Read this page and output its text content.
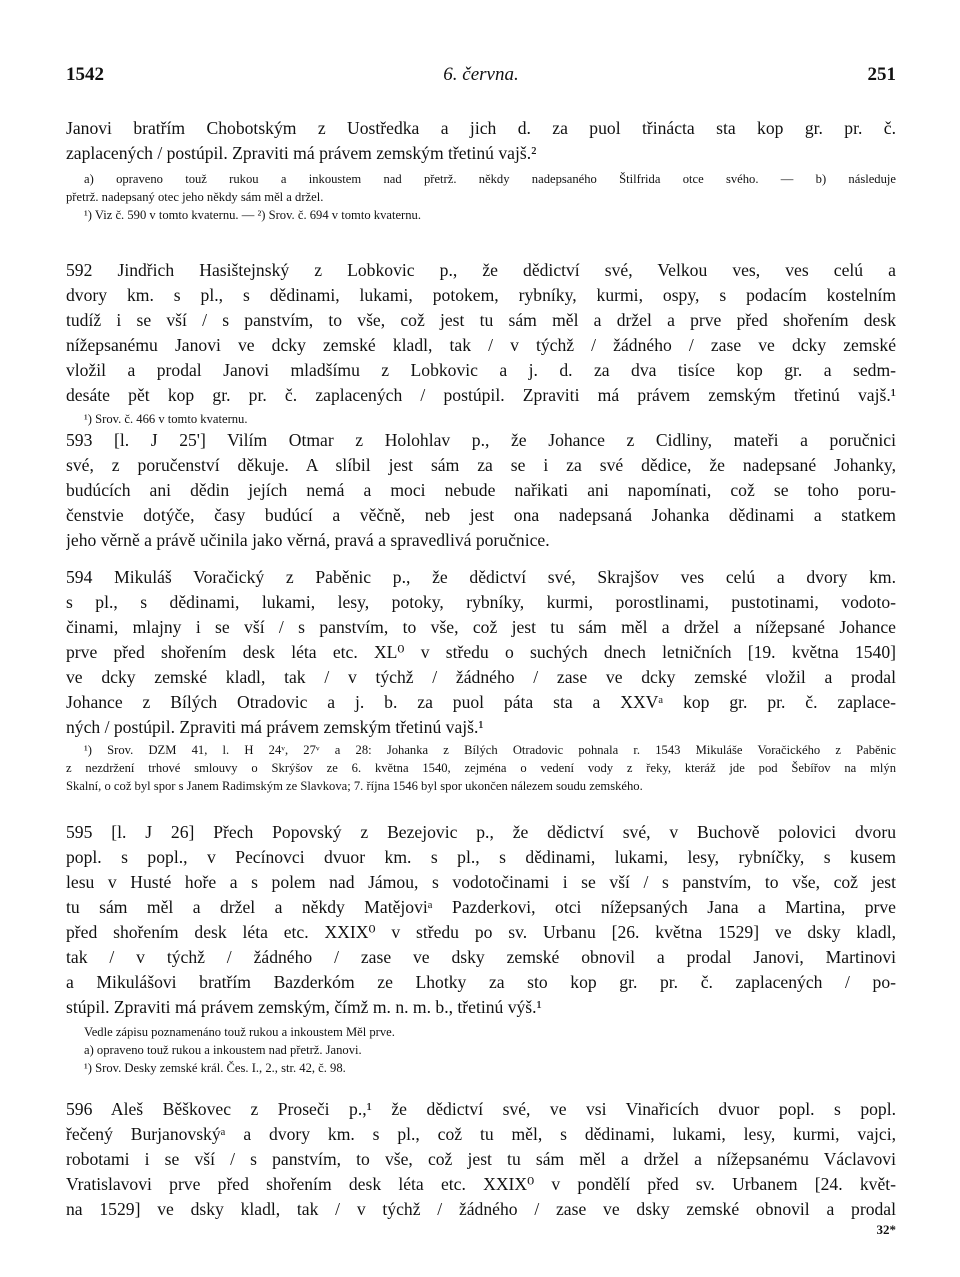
1542	6. června.	251
Janovi bratřím Chobotským z Uostředka a jich d. za puol třinácta sta kop gr. pr. č.
zaplacených / postúpil. Zpraviti má právem zemským třetinú vajš.²
a) opraveno touž rukou a inkoustem nad přetrž. někdy nadepsaného Štilfrida otce svého. — b) následuje
přetrž. nadepsaný otec jeho někdy sám měl a držel.
¹) Viz č. 590 v tomto kvaternu. — ²) Srov. č. 694 v tomto kvaternu.
592 Jindřich Hasištejnský z Lobkovic p., že dědictví své, Velkou ves, ves celú a
dvory km. s pl., s dědinami, lukami, potokem, rybníky, kurmi, ospy, s podacím kostelním
tudíž i se vší / s panstvím, to vše, což jest tu sám měl a držel a prve před shořením desk
nížepsanému Janovi ve dcky zemské kladl, tak / v týchž / žádného / zase ve dcky zemské
vložil a prodal Janovi mladšímu z Lobkovic a j. d. za dva tisíce kop gr. a sedm-
desáte pět kop gr. pr. č. zaplacených / postúpil. Zpraviti má právem zemským třetinú vajš.¹
¹) Srov. č. 466 v tomto kvaternu.
593 [l. J 25'] Vilím Otmar z Holohlav p., že Johance z Cidliny, mateři a poručnici
své, z poručenství děkuje. A slíbil jest sám za se i za své dědice, že nadepsané Johanky,
budúcích ani dědin jejích nemá a moci nebude nařikati ani napomínati, což se toho poru-
čenstvie dotýče, časy budúcí a věčně, neb jest ona nadepsaná Johanka dědinami a statkem
jeho věrně a právě učinila jako věrná, pravá a spravedlivá poručnice.
594 Mikuláš Voračický z Paběnic p., že dědictví své, Skrajšov ves celú a dvory km.
s pl., s dědinami, lukami, lesy, potoky, rybníky, kurmi, porostlinami, pustotinami, vodoto-
činami, mlajny i se vší / s panstvím, to vše, což jest tu sám měl a držel a nížepsané Johance
prve před shořením desk léta etc. XL⁰ v středu o suchých dnech letničních [19. května 1540]
ve dcky zemské kladl, tak / v týchž / žádného / zase ve dcky zemské vložil a prodal
Johance z Bílých Otradovic a j. b. za puol páta sta a XXVᵃ kop gr. pr. č. zaplace-
ných / postúpil. Zpraviti má právem zemským třetinú vajš.¹
¹) Srov. DZM 41, l. H 24ᵛ, 27ᵛ a 28: Johanka z Bílých Otradovic pohnala r. 1543 Mikuláše Voračického z Paběnic
z nezdržení trhové smlouvy o Skrýšov ze 6. května 1540, zejména o vedení vody z řeky, kteráž jde pod Šebířov na mlýn
Skalní, o což byl spor s Janem Radimským ze Slavkova; 7. října 1546 byl spor ukončen nálezem soudu zemského.
595 [l. J 26] Přech Popovský z Bezejovic p., že dědictví své, v Buchově polovici dvoru
popl. s popl., v Pecínovci dvuor km. s pl., s dědinami, lukami, lesy, rybníčky, s kusem
lesu v Husté hoře a s polem nad Jámou, s vodotočinami i se vší / s panstvím, to vše, což jest
tu sám měl a držel a někdy Matějoviᵃ Pazderkovi, otci nížepsaných Jana a Martina, prve
před shořením desk léta etc. XXIX⁰ v středu po sv. Urbanu [26. května 1529] ve dsky kladl,
tak / v týchž / žádného / zase ve dsky zemské obnovil a prodal Janovi, Martinovi
a Mikulášovi bratřím Bazderkóm ze Lhotky za sto kop gr. pr. č. zaplacených / po-
stúpil. Zpraviti má právem zemským, čímž m. n. m. b., třetinú výš.¹
Vedle zápisu poznamenáno touž rukou a inkoustem Měl prve.
a) opraveno touž rukou a inkoustem nad přetrž. Janovi.
¹) Srov. Desky zemské král. Čes. I., 2., str. 42, č. 98.
596 Aleš Běškovec z Proseči p.,¹ že dědictví své, ve vsi Vinařicích dvuor popl. s popl.
řečený Burjanovskýᵃ a dvory km. s pl., což tu měl, s dědinami, lukami, lesy, kurmi, vajci,
robotami i se vší / s panstvím, to vše, což jest tu sám měl a držel a nížepsanému Václavovi
Vratislavovi prve před shořením desk léta etc. XXIX⁰ v pondělí před sv. Urbanem [24. květ-
na 1529] ve dsky kladl, tak / v týchž / žádného / zase ve dsky zemské obnovil a prodal
32*
